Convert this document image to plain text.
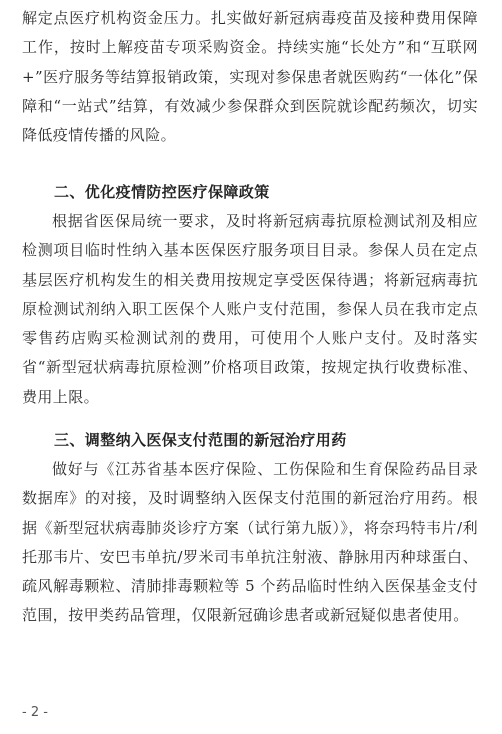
解定点医疗机构资金压力。扎实做好新冠病毒疫苗及接种费用保障工作，按时上解疫苗专项采购资金。持续实施“长处方”和“互联网+”医疗服务等结算报销政策，实现对参保患者就医购药“一体化”保障和“一站式”结算，有效减少参保群众到医院就诊配药频次，切实降低疫情传播的风险。

二、优化疫情防控医疗保障政策

根据省医保局统一要求，及时将新冠病毒抗原检测试剂及相应检测项目临时性纳入基本医保医疗服务项目目录。参保人员在定点基层医疗机构发生的相关费用按规定享受医保待遇；将新冠病毒抗原检测试剂纳入职工医保个人账户支付范围，参保人员在我市定点零售药店购买检测试剂的费用，可使用个人账户支付。及时落实省“新型冠状病毒抗原检测”价格项目政策，按规定执行收费标准、费用上限。

三、调整纳入医保支付范围的新冠治疗用药

做好与《江苏省基本医疗保险、工伤保险和生育保险药品目录数据库》的对接，及时调整纳入医保支付范围的新冠治疗用药。根据《新型冠状病毒肺炎诊疗方案（试行第九版）》，将奈玛特韦片/利托那韦片、安巴韦单抗/罗米司韦单抗注射液、静脉用丙种球蛋白、疏风解毒颗粒、清肺排毒颗粒等 5 个药品临时性纳入医保基金支付范围，按甲类药品管理，仅限新冠确诊患者或新冠疑似患者使用。

- 2 -
